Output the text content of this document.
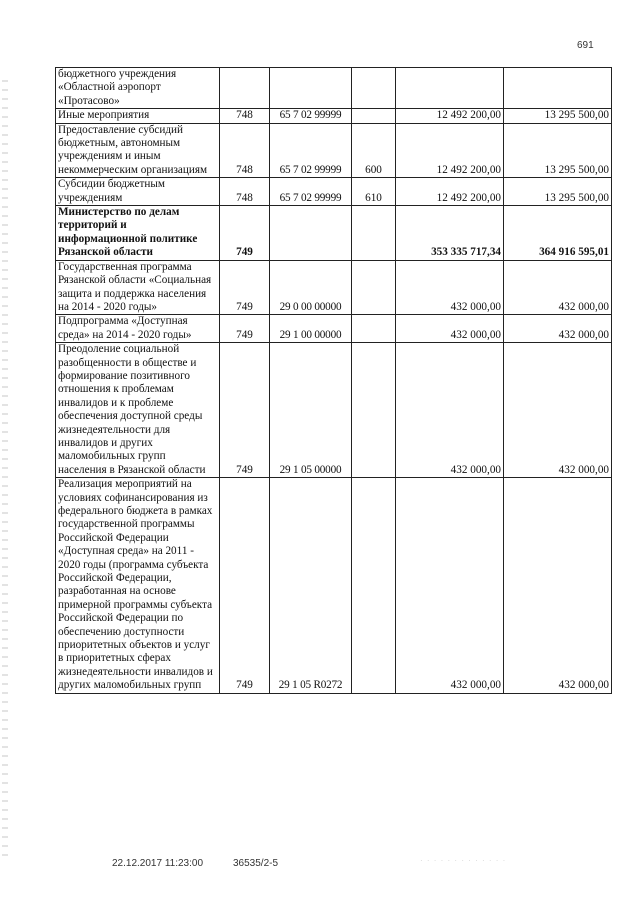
691
бюджетного учреждения «Областной аэропорт «Протасово»					
Иные мероприятия	748	65 7 02 99999		12 492 200,00	13 295 500,00
Предоставление субсидий бюджетным, автономным учреждениям и иным некоммерческим организациям	748	65 7 02 99999	600	12 492 200,00	13 295 500,00
Субсидии бюджетным учреждениям	748	65 7 02 99999	610	12 492 200,00	13 295 500,00
Министерство по делам территорий и информационной политике Рязанской области	749			353 335 717,34	364 916 595,01
Государственная программа Рязанской области «Социальная защита и поддержка населения на 2014 - 2020 годы»	749	29 0 00 00000		432 000,00	432 000,00
Подпрограмма «Доступная среда» на 2014 - 2020 годы»	749	29 1 00 00000		432 000,00	432 000,00
Преодоление социальной разобщенности в обществе и формирование позитивного отношения к проблемам инвалидов и к проблеме обеспечения доступной среды жизнедеятельности для инвалидов и других маломобильных групп населения в Рязанской области	749	29 1 05 00000		432 000,00	432 000,00
Реализация мероприятий на условиях софинансирования из федерального бюджета в рамках государственной программы Российской Федерации «Доступная среда» на 2011 - 2020 годы (программа субъекта Российской Федерации, разработанная на основе примерной программы субъекта Российской Федерации по обеспечению доступности приоритетных объектов и услуг в приоритетных сферах жизнедеятельности инвалидов и других маломобильных групп	749	29 1 05 R0272		432 000,00	432 000,00
22.12.2017 11:23:00	36535/2-5	· · · · · · · · · · · · ·
